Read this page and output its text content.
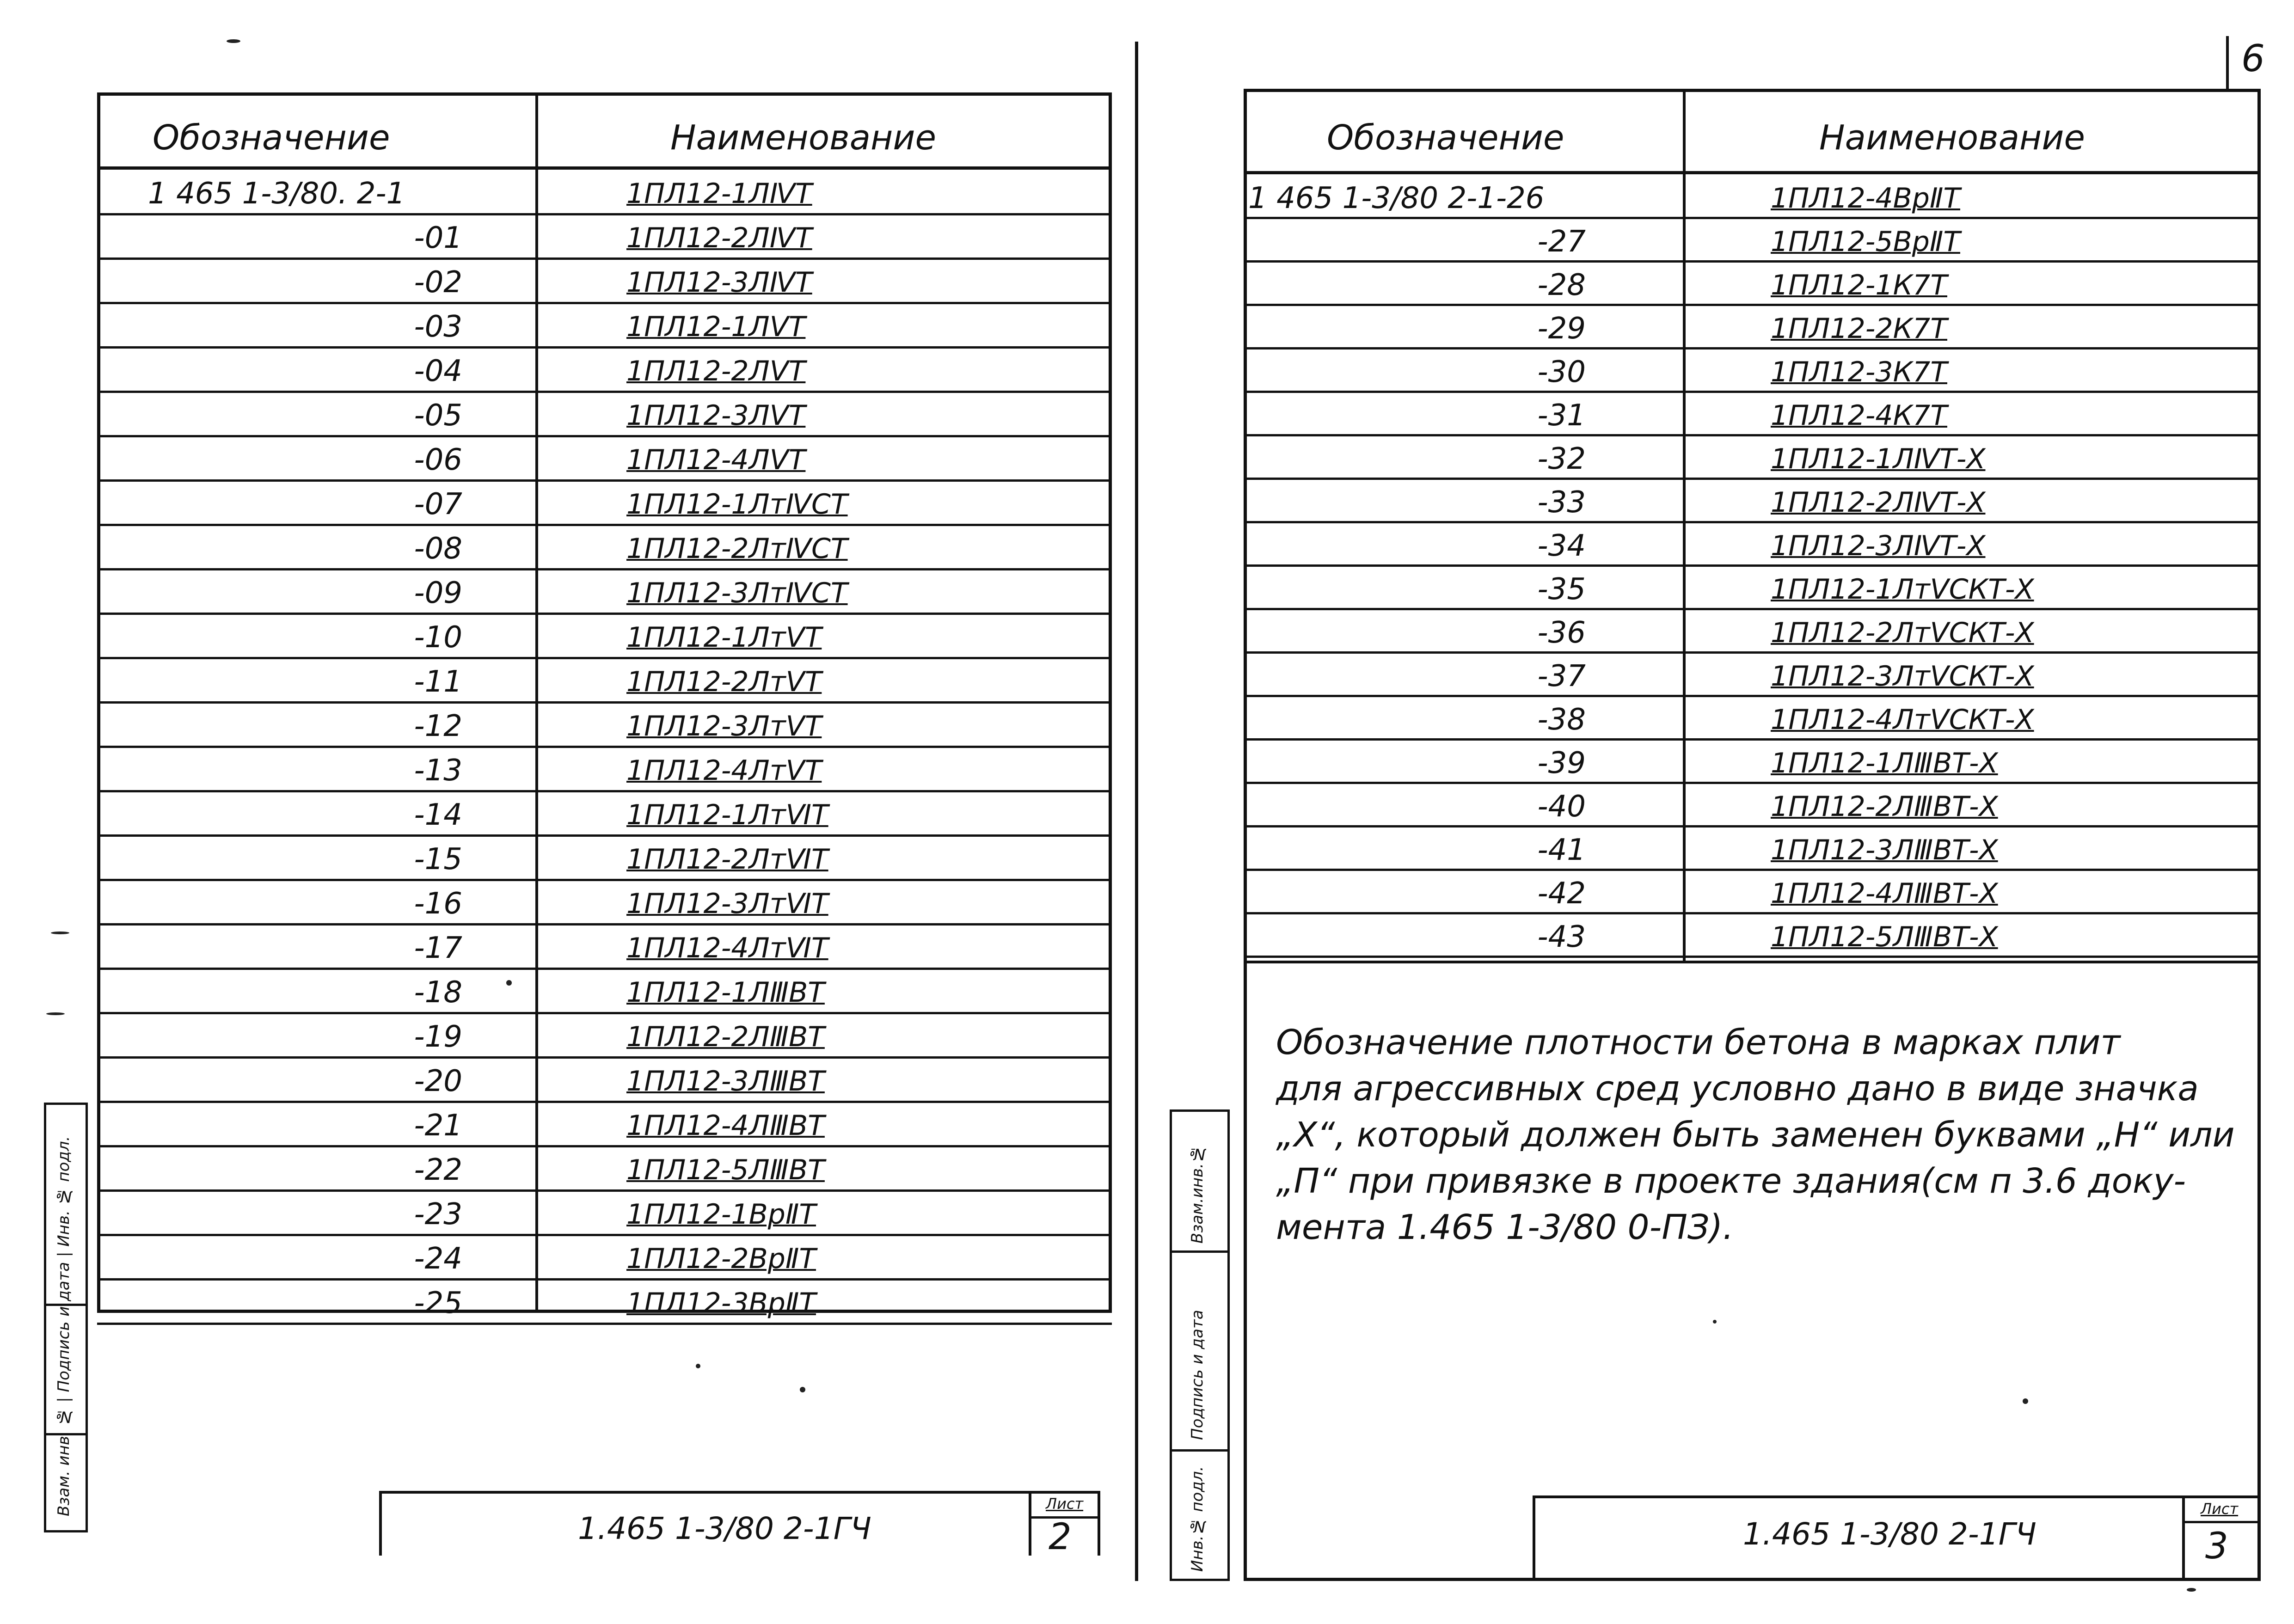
6
Обозначение	Наименование
1 465 1-3/80. 2-1	1ПЛ12-1ЛⅣТ
-01	1ПЛ12-2ЛⅣТ
-02	1ПЛ12-3ЛⅣТ
-03	1ПЛ12-1ЛⅤТ
-04	1ПЛ12-2ЛⅤТ
-05	1ПЛ12-3ЛⅤТ
-06	1ПЛ12-4ЛⅤТ
-07	1ПЛ12-1ЛтⅣСТ
-08	1ПЛ12-2ЛтⅣСТ
-09	1ПЛ12-3ЛтⅣСТ
-10	1ПЛ12-1ЛтⅤТ
-11	1ПЛ12-2ЛтⅤТ
-12	1ПЛ12-3ЛтⅤТ
-13	1ПЛ12-4ЛтⅤТ
-14	1ПЛ12-1ЛтⅥТ
-15	1ПЛ12-2ЛтⅥТ
-16	1ПЛ12-3ЛтⅥТ
-17	1ПЛ12-4ЛтⅥТ
-18	1ПЛ12-1ЛⅢВТ
-19	1ПЛ12-2ЛⅢВТ
-20	1ПЛ12-3ЛⅢВТ
-21	1ПЛ12-4ЛⅢВТ
-22	1ПЛ12-5ЛⅢВТ
-23	1ПЛ12-1ВрⅡТ
-24	1ПЛ12-2ВрⅡТ
-25	1ПЛ12-3ВрⅡТ
Взам. инв. № | Подпись и дата | Инв. № подл.
1.465 1-3/80 2-1ГЧ
Лист
2
Обозначение	Наименование
1 465 1-3/80 2-1-26	1ПЛ12-4ВрⅡТ
-27	1ПЛ12-5ВрⅡТ
-28	1ПЛ12-1К7Т
-29	1ПЛ12-2К7Т
-30	1ПЛ12-3К7Т
-31	1ПЛ12-4К7Т
-32	1ПЛ12-1ЛⅣТ-Х
-33	1ПЛ12-2ЛⅣТ-Х
-34	1ПЛ12-3ЛⅣТ-Х
-35	1ПЛ12-1ЛтⅤСКТ-Х
-36	1ПЛ12-2ЛтⅤСКТ-Х
-37	1ПЛ12-3ЛтⅤСКТ-Х
-38	1ПЛ12-4ЛтⅤСКТ-Х
-39	1ПЛ12-1ЛⅢВТ-Х
-40	1ПЛ12-2ЛⅢВТ-Х
-41	1ПЛ12-3ЛⅢВТ-Х
-42	1ПЛ12-4ЛⅢВТ-Х
-43	1ПЛ12-5ЛⅢВТ-Х
Обозначение плотности бетона в марках плит
для агрессивных сред условно дано в виде значка
„Х“, который должен быть заменен буквами „Н“ или
„П“ при привязке в проекте здания(см п 3.6 доку-
мента 1.465 1-3/80 0-ПЗ).
Взам.инв.№
Подпись и дата
Инв.№ подл.	1.465 1-3/80 2-1ГЧ
Лист
3
